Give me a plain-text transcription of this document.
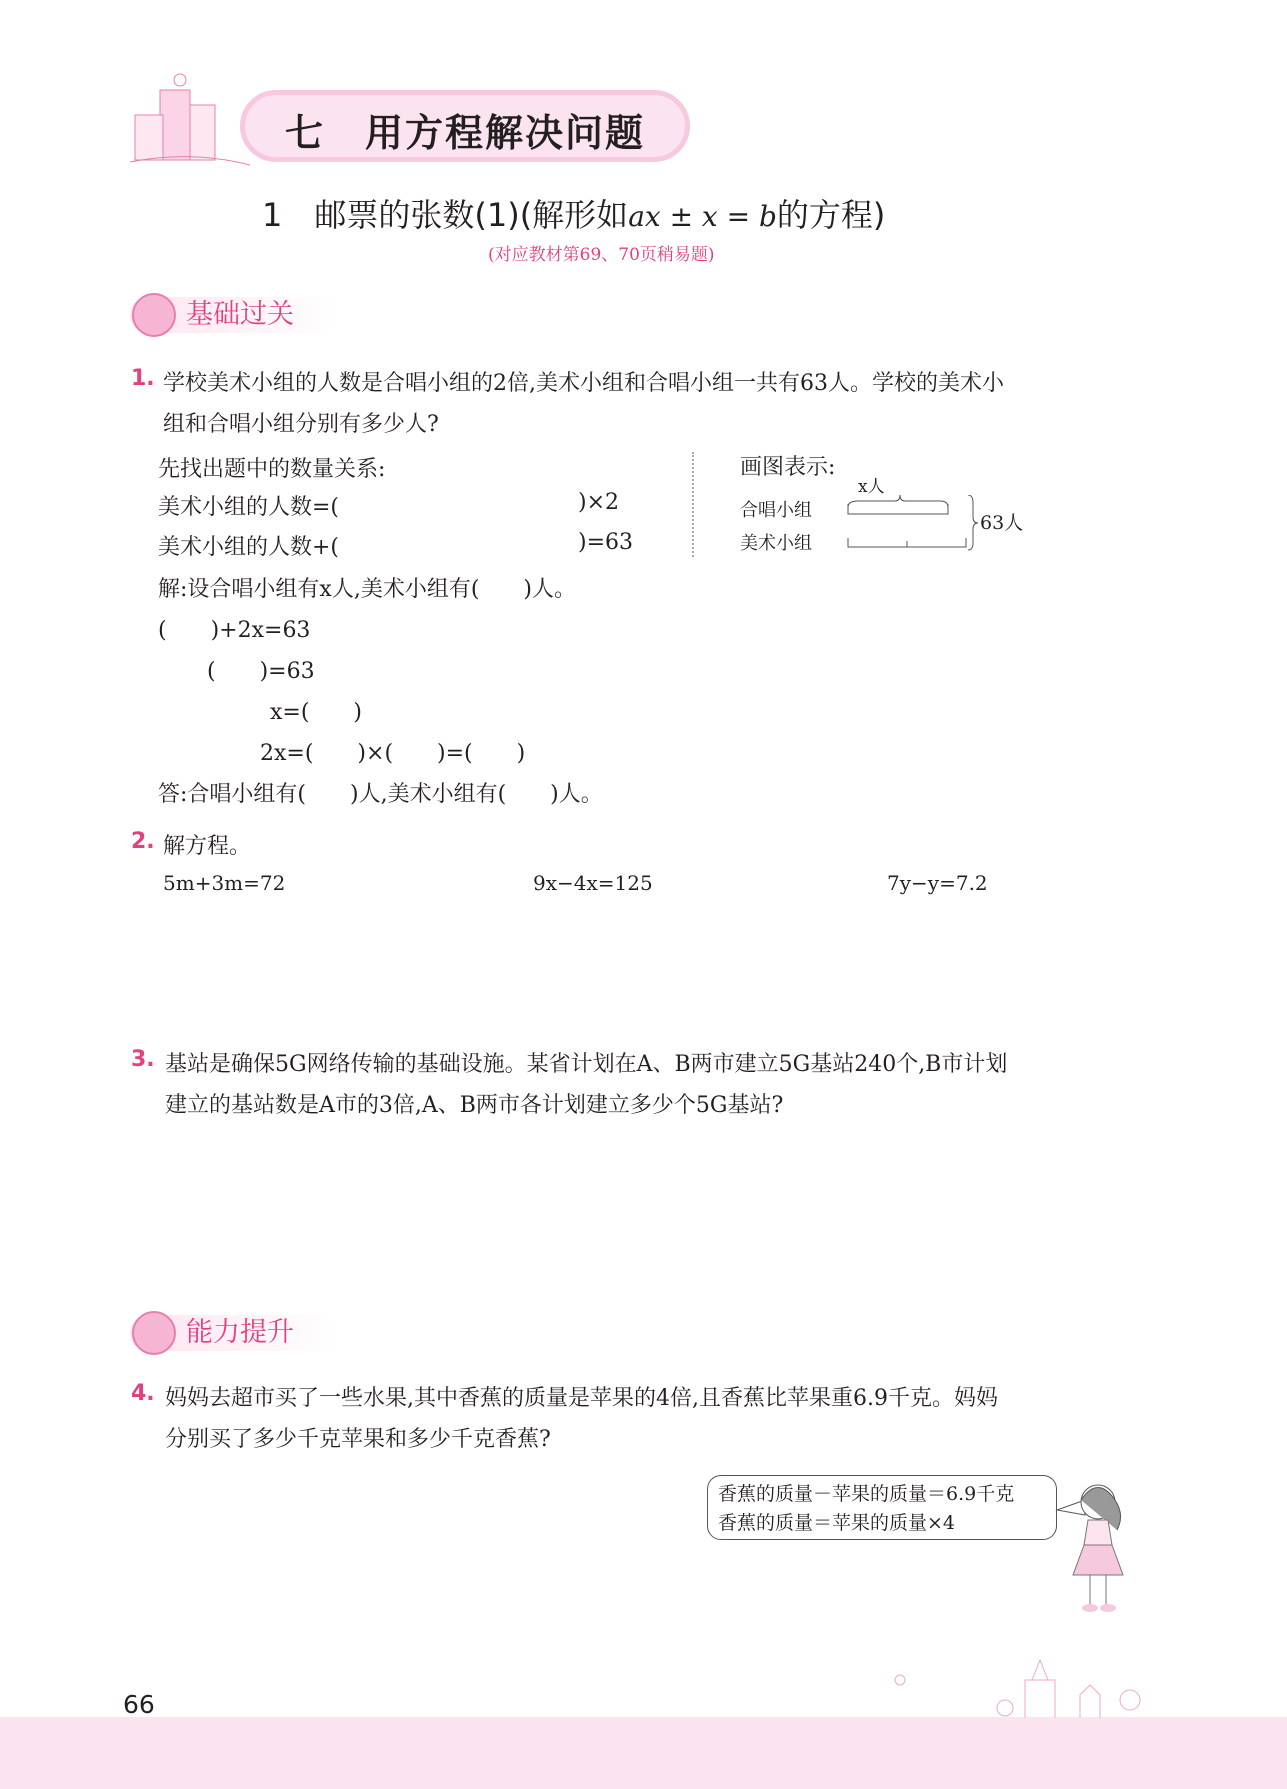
七　用方程解决问题
1　邮票的张数(1)(解形如ax ± x = b的方程)
(对应教材第69、70页稍易题)
基础过关
1. 学校美术小组的人数是合唱小组的2倍,美术小组和合唱小组一共有63人。学校的美术小
组和合唱小组分别有多少人?
先找出题中的数量关系:
美术小组的人数=(	)×2
美术小组的人数+(	)=63
画图表示:
x人
合唱小组
美术小组
63人
解:设合唱小组有x人,美术小组有(　　)人。
(　　)+2x=63
(　　)=63
x=(　　)
2x=(　　)×(　　)=(　　)
答:合唱小组有(　　)人,美术小组有(　　)人。
2. 解方程。
5m+3m=72	9x−4x=125	7y−y=7.2
3. 基站是确保5G网络传输的基础设施。某省计划在A、B两市建立5G基站240个,B市计划
建立的基站数是A市的3倍,A、B两市各计划建立多少个5G基站?
能力提升
4. 妈妈去超市买了一些水果,其中香蕉的质量是苹果的4倍,且香蕉比苹果重6.9千克。妈妈
分别买了多少千克苹果和多少千克香蕉?
香蕉的质量－苹果的质量＝6.9千克
香蕉的质量＝苹果的质量×4
66
